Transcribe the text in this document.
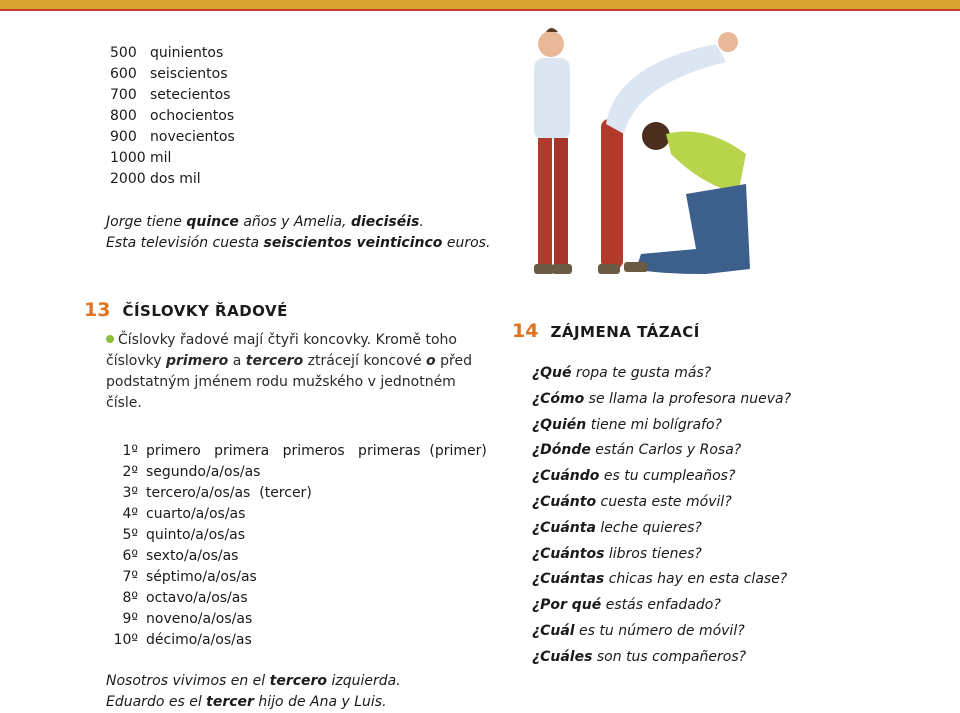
500 quinientos
600 seiscientos
700 setecientos
800 ochocientos
900 novecientos
1000 mil
2000 dos mil
Jorge tiene quince años y Amelia, dieciséis.
Esta televisión cuesta seiscientos veinticinco euros.
13 ČÍSLOVKY ŘADOVÉ
Číslovky řadové mají čtyři koncovky. Kromě toho číslovky primero a tercero ztrácejí koncové o před podstatným jménem rodu mužského v jednotném čísle.
1º primero   primera   primeros   primeras  (primer)
2º segundo/a/os/as
3º tercero/a/os/as  (tercer)
4º cuarto/a/os/as
5º quinto/a/os/as
6º sexto/a/os/as
7º séptimo/a/os/as
8º octavo/a/os/as
9º noveno/a/os/as
10º décimo/a/os/as
Nosotros vivimos en el tercero izquierda.
Eduardo es el tercer hijo de Ana y Luis.
14 ZÁJMENA TÁZACÍ
¿Qué ropa te gusta más?
¿Cómo se llama la profesora nueva?
¿Quién tiene mi bolígrafo?
¿Dónde están Carlos y Rosa?
¿Cuándo es tu cumpleaños?
¿Cuánto cuesta este móvil?
¿Cuánta leche quieres?
¿Cuántos libros tienes?
¿Cuántas chicas hay en esta clase?
¿Por qué estás enfadado?
¿Cuál es tu número de móvil?
¿Cuáles son tus compañeros?
